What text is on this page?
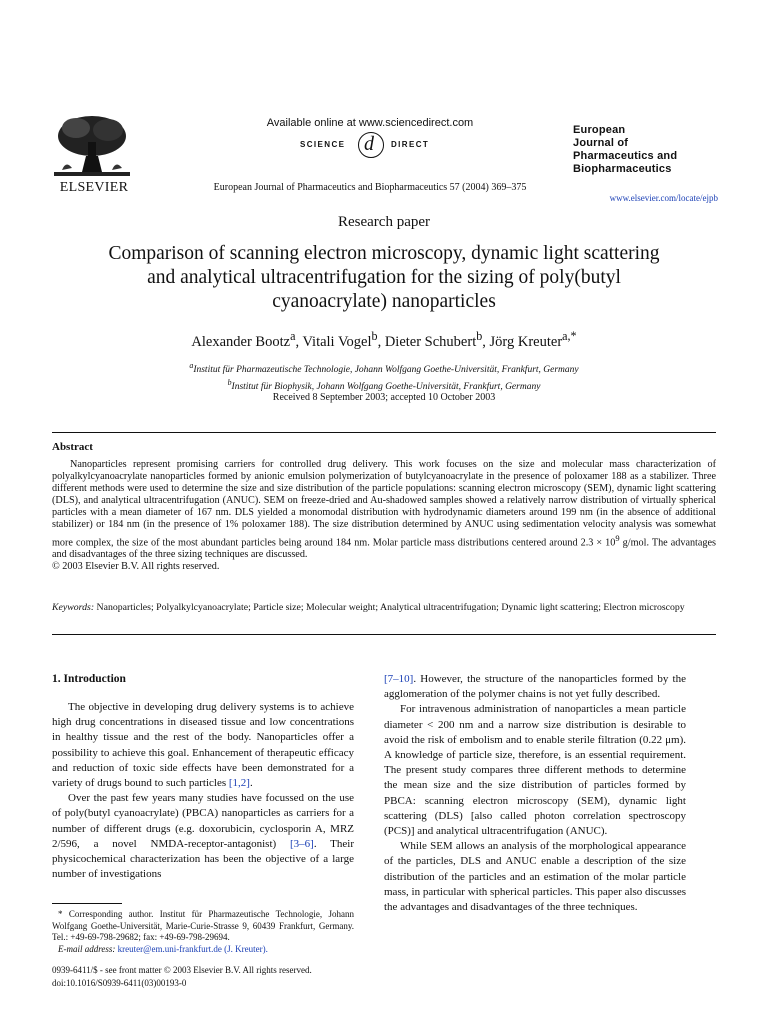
ELSEVIER
Available online at www.sciencedirect.com
SCIENCE d DIRECT
European Journal of Pharmaceutics and Biopharmaceutics 57 (2004) 369–375
European
Journal of
Pharmaceutics and
Biopharmaceutics
www.elsevier.com/locate/ejpb
Research paper
Comparison of scanning electron microscopy, dynamic light scattering
and analytical ultracentrifugation for the sizing of poly(butyl
cyanoacrylate) nanoparticles
Alexander Bootz$^a$, Vitali Vogel$^b$, Dieter Schubert$^b$, Jörg Kreuter$^{a,*}$
$^a$Institut für Pharmazeutische Technologie, Johann Wolfgang Goethe-Universität, Frankfurt, Germany
$^b$Institut für Biophysik, Johann Wolfgang Goethe-Universität, Frankfurt, Germany
Received 8 September 2003; accepted 10 October 2003
Abstract

Nanoparticles represent promising carriers for controlled drug delivery. This work focuses on the size and molecular mass characterization of polyalkylcyanoacrylate nanoparticles formed by anionic emulsion polymerization of butylcyanoacrylate in the presence of poloxamer 188 as a stabilizer. Three different methods were used to determine the size and size distribution of the particle populations: scanning electron microscopy (SEM), dynamic light scattering (DLS), and analytical ultracentrifugation (ANUC). SEM on freeze-dried and Au-shadowed samples showed a relatively narrow distribution of virtually spherical particles with a mean diameter of 167 nm. DLS yielded a monomodal distribution with hydrodynamic diameters around 199 nm (in the absence of additional stabilizer) or 184 nm (in the presence of 1% poloxamer 188). The size distribution determined by ANUC using sedimentation velocity analysis was somewhat more complex, the size of the most abundant particles being around 184 nm. Molar particle mass distributions centered around $2.3 \times 10^9$ g/mol. The advantages and disadvantages of the three sizing techniques are discussed.

© 2003 Elsevier B.V. All rights reserved.

Keywords: Nanoparticles; Polyalkylcyanoacrylate; Particle size; Molecular weight; Analytical ultracentrifugation; Dynamic light scattering; Electron microscopy
1. Introduction

The objective in developing drug delivery systems is to achieve high drug concentrations in diseased tissue and low concentrations in healthy tissue and the rest of the body. Nanoparticles offer a possibility to achieve this goal. Enhancement of therapeutic efficacy and reduction of toxic side effects have been demonstrated for a variety of drugs bound to such particles [1,2].

Over the past few years many studies have focussed on the use of poly(butyl cyanoacrylate) (PBCA) nanoparticles as carriers for a number of different drugs (e.g. doxorubicin, cyclosporin A, MRZ 2/596, a novel NMDA-receptor-antagonist) [3–6]. Their physicochemical characterization has been the objective of a large number of investigations

[7–10]. However, the structure of the nanoparticles formed by the agglomeration of the polymer chains is not yet fully described.

For intravenous administration of nanoparticles a mean particle diameter < 200 nm and a narrow size distribution is desirable to avoid the risk of embolism and to enable sterile filtration (0.22 μm). A knowledge of particle size, therefore, is an essential requirement. The present study compares three different methods to determine the mean size and the size distribution of particles formed by PBCA: scanning electron microscopy (SEM), dynamic light scattering (DLS) [also called photon correlation spectroscopy (PCS)] and analytical ultracentrifugation (ANUC).

While SEM allows an analysis of the morphological appearance of the particles, DLS and ANUC enable a description of the size distribution of the particles and an estimation of the molar particle mass, in particular with spherical particles. This paper also discusses the advantages and disadvantages of the three techniques.

* Corresponding author. Institut für Pharmazeutische Technologie, Johann Wolfgang Goethe-Universität, Marie-Curie-Strasse 9, 60439 Frankfurt, Germany. Tel.: +49-69-798-29682; fax: +49-69-798-29694.

E-mail address: kreuter@em.uni-frankfurt.de (J. Kreuter).

0939-6411/$ - see front matter © 2003 Elsevier B.V. All rights reserved.
doi:10.1016/S0939-6411(03)00193-0
